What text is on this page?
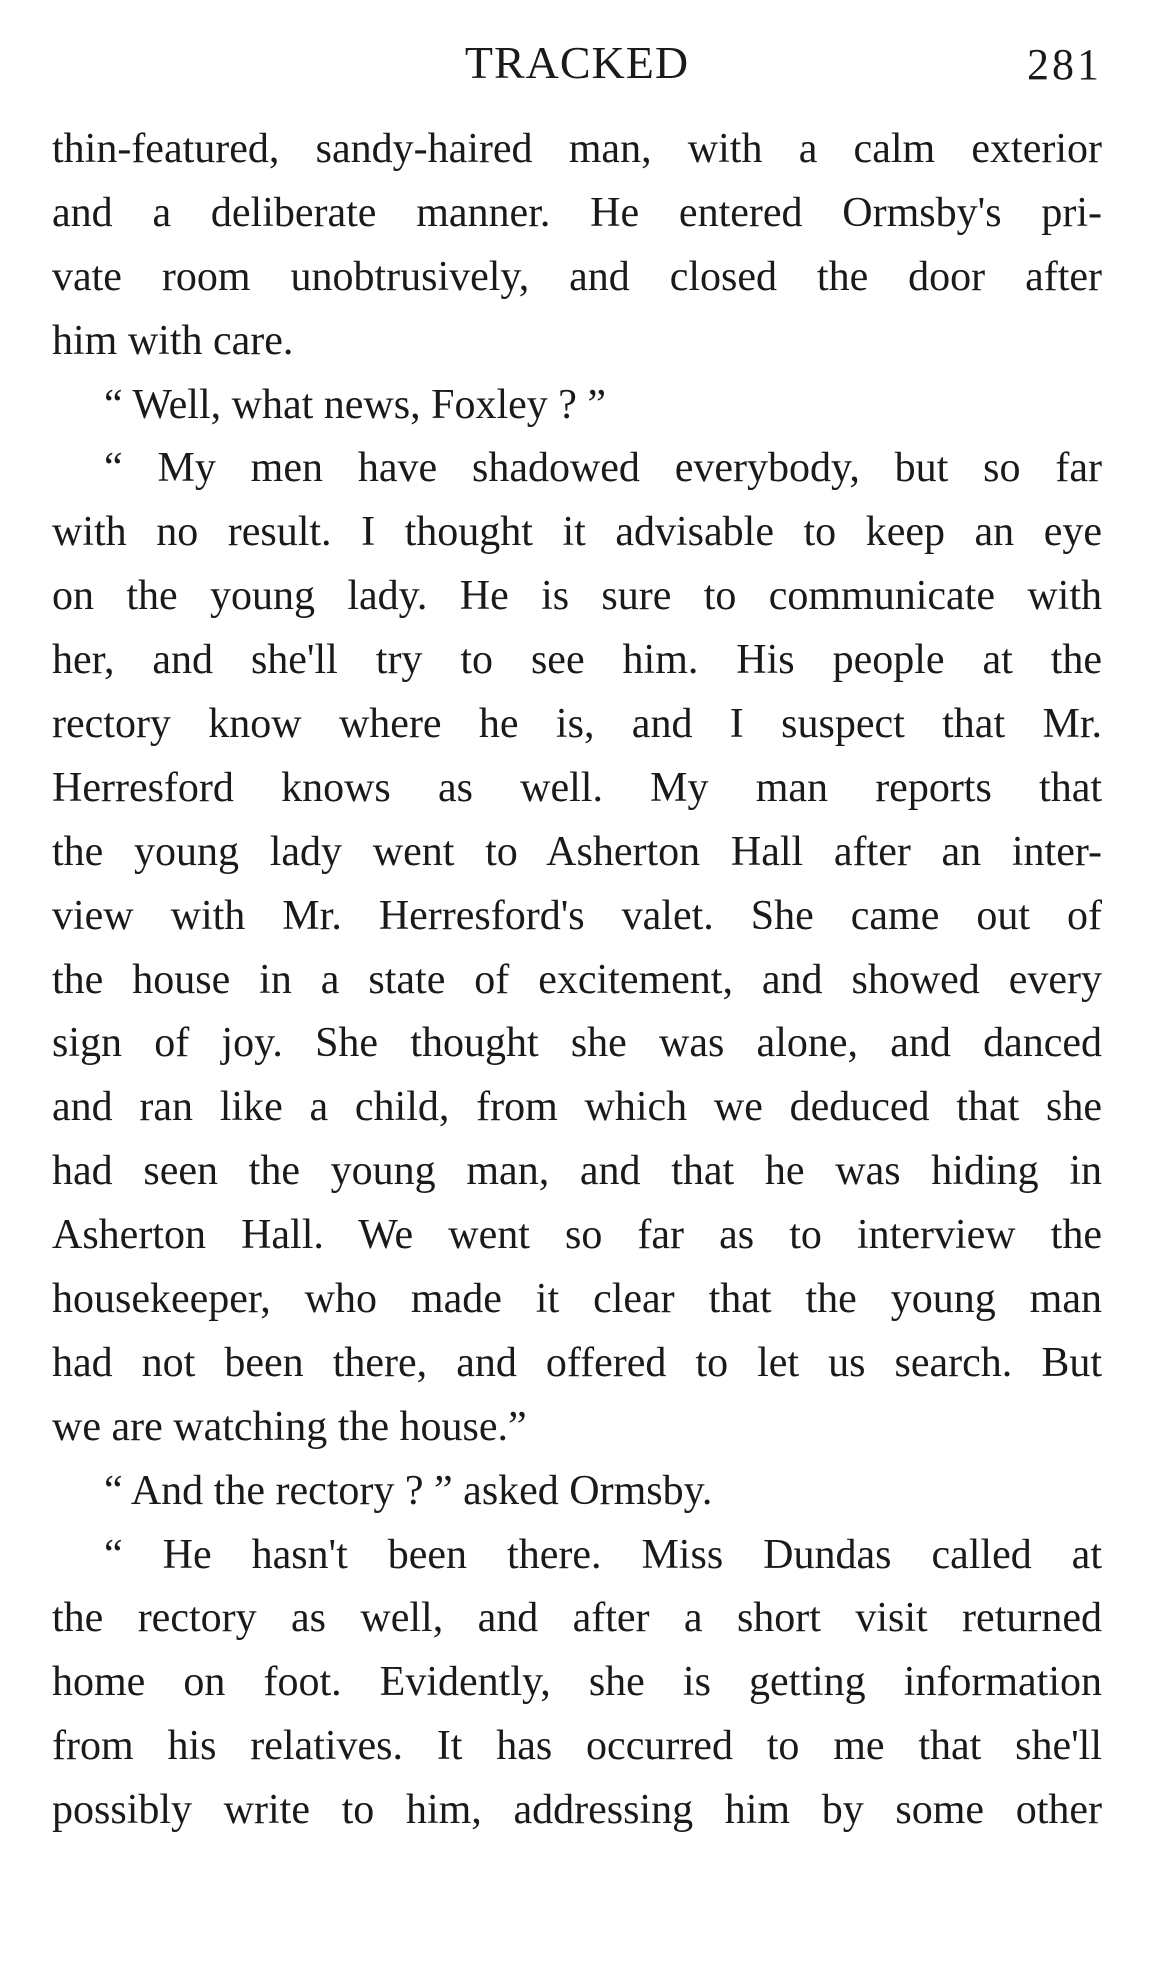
TRACKED	281
thin-featured, sandy-haired man, with a calm exterior
and a deliberate manner. He entered Ormsby's pri-
vate room unobtrusively, and closed the door after
him with care.
“ Well, what news, Foxley ? ”
“ My men have shadowed everybody, but so far
with no result. I thought it advisable to keep an eye
on the young lady. He is sure to communicate with
her, and she'll try to see him. His people at the
rectory know where he is, and I suspect that Mr.
Herresford knows as well. My man reports that
the young lady went to Asherton Hall after an inter-
view with Mr. Herresford's valet. She came out of
the house in a state of excitement, and showed every
sign of joy. She thought she was alone, and danced
and ran like a child, from which we deduced that she
had seen the young man, and that he was hiding in
Asherton Hall. We went so far as to interview the
housekeeper, who made it clear that the young man
had not been there, and offered to let us search. But
we are watching the house.”
“ And the rectory ? ” asked Ormsby.
“ He hasn't been there. Miss Dundas called at
the rectory as well, and after a short visit returned
home on foot. Evidently, she is getting information
from his relatives. It has occurred to me that she'll
possibly write to him, addressing him by some other
